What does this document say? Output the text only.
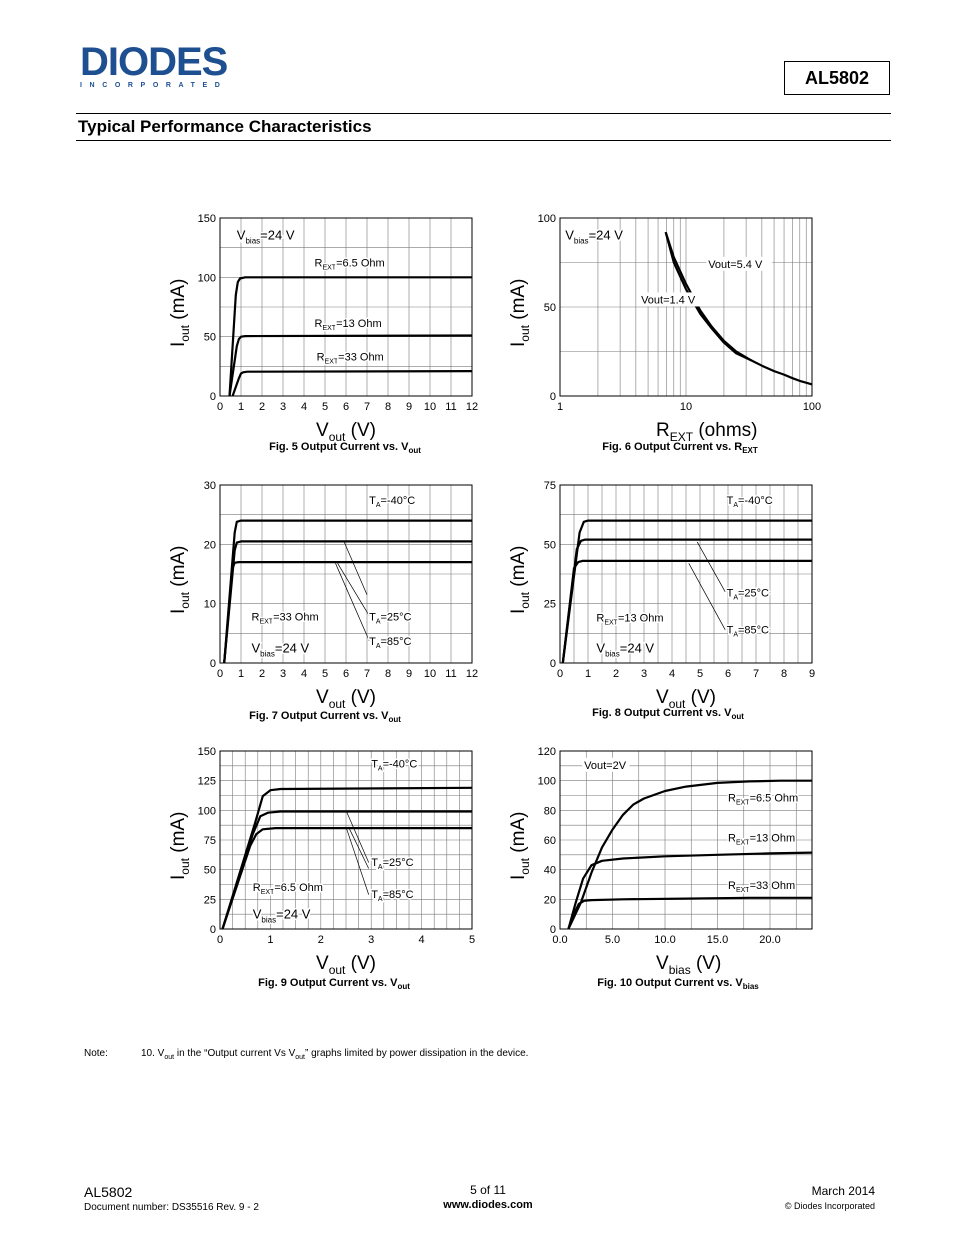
DIODES
INCORPORATED	AL5802
Typical Performance Characteristics
0 1 2 3 4 5 6 7 8 9 10 11 12
0
50
100
150
$V_{out}$ (V)
$I_{out}$ (mA)
$V_{bias}=24$ V
$R_{EXT}=6.5$ Ohm
$R_{EXT}=13$ Ohm
$R_{EXT}=33$ Ohm
1	10	100
0
50
100
$R_{EXT}$ (ohms)
$I_{out}$ (mA)
$V_{bias}=24$ V
Vout=5.4 V
Vout=1.4 V
0 1 2 3 4 5 6 7 8 9 10 11 12
0
10
20
30
$V_{out}$ (V)
$I_{out}$ (mA)
$T_A=-40^\circ C$
$T_A=25^\circ C$
$T_A=85^\circ C$
$R_{EXT}=33$ Ohm
$V_{bias}=24$ V
0 1 2 3 4 5 6 7 8 9
0
25
50
75
$V_{out}$ (V)
$I_{out}$ (mA)
$T_A=-40^\circ C$
$T_A=25^\circ C$
$T_A=85^\circ C$
$R_{EXT}=13$ Ohm
$V_{bias}=24$ V
0	1	2	3	4	5
0
25
50
75
100
125
150
$V_{out}$ (V)
$I_{out}$ (mA)
$T_A=-40^\circ C$
$T_A=25^\circ C$
$T_A=85^\circ C$
$R_{EXT}=6.5$ Ohm
$V_{bias}=24$ V
0.0	5.0	10.0	15.0	20.0
0
20
40
60
80
100
120
$V_{bias}$ (V)
$I_{out}$ (mA)
Vout=2V
$R_{EXT}=6.5$ Ohm
$R_{EXT}=13$ Ohm
$R_{EXT}=33$ Ohm
Fig. 5 Output Current vs. $V_{out}$	Fig. 6 Output Current vs. $R_{EXT}$
Fig. 7 Output Current vs. $V_{out}$
Fig. 8 Output Current vs. $V_{out}$
Fig. 9 Output Current vs. $V_{out}$	Fig. 10 Output Current vs. $V_{bias}$
Note:	10. $V_{out}$ in the “Output current Vs $V_{out}$” graphs limited by power dissipation in the device.
AL5802
Document number: DS35516 Rev. 9 - 2
5 of 11
www.diodes.com
March 2014
© Diodes Incorporated
